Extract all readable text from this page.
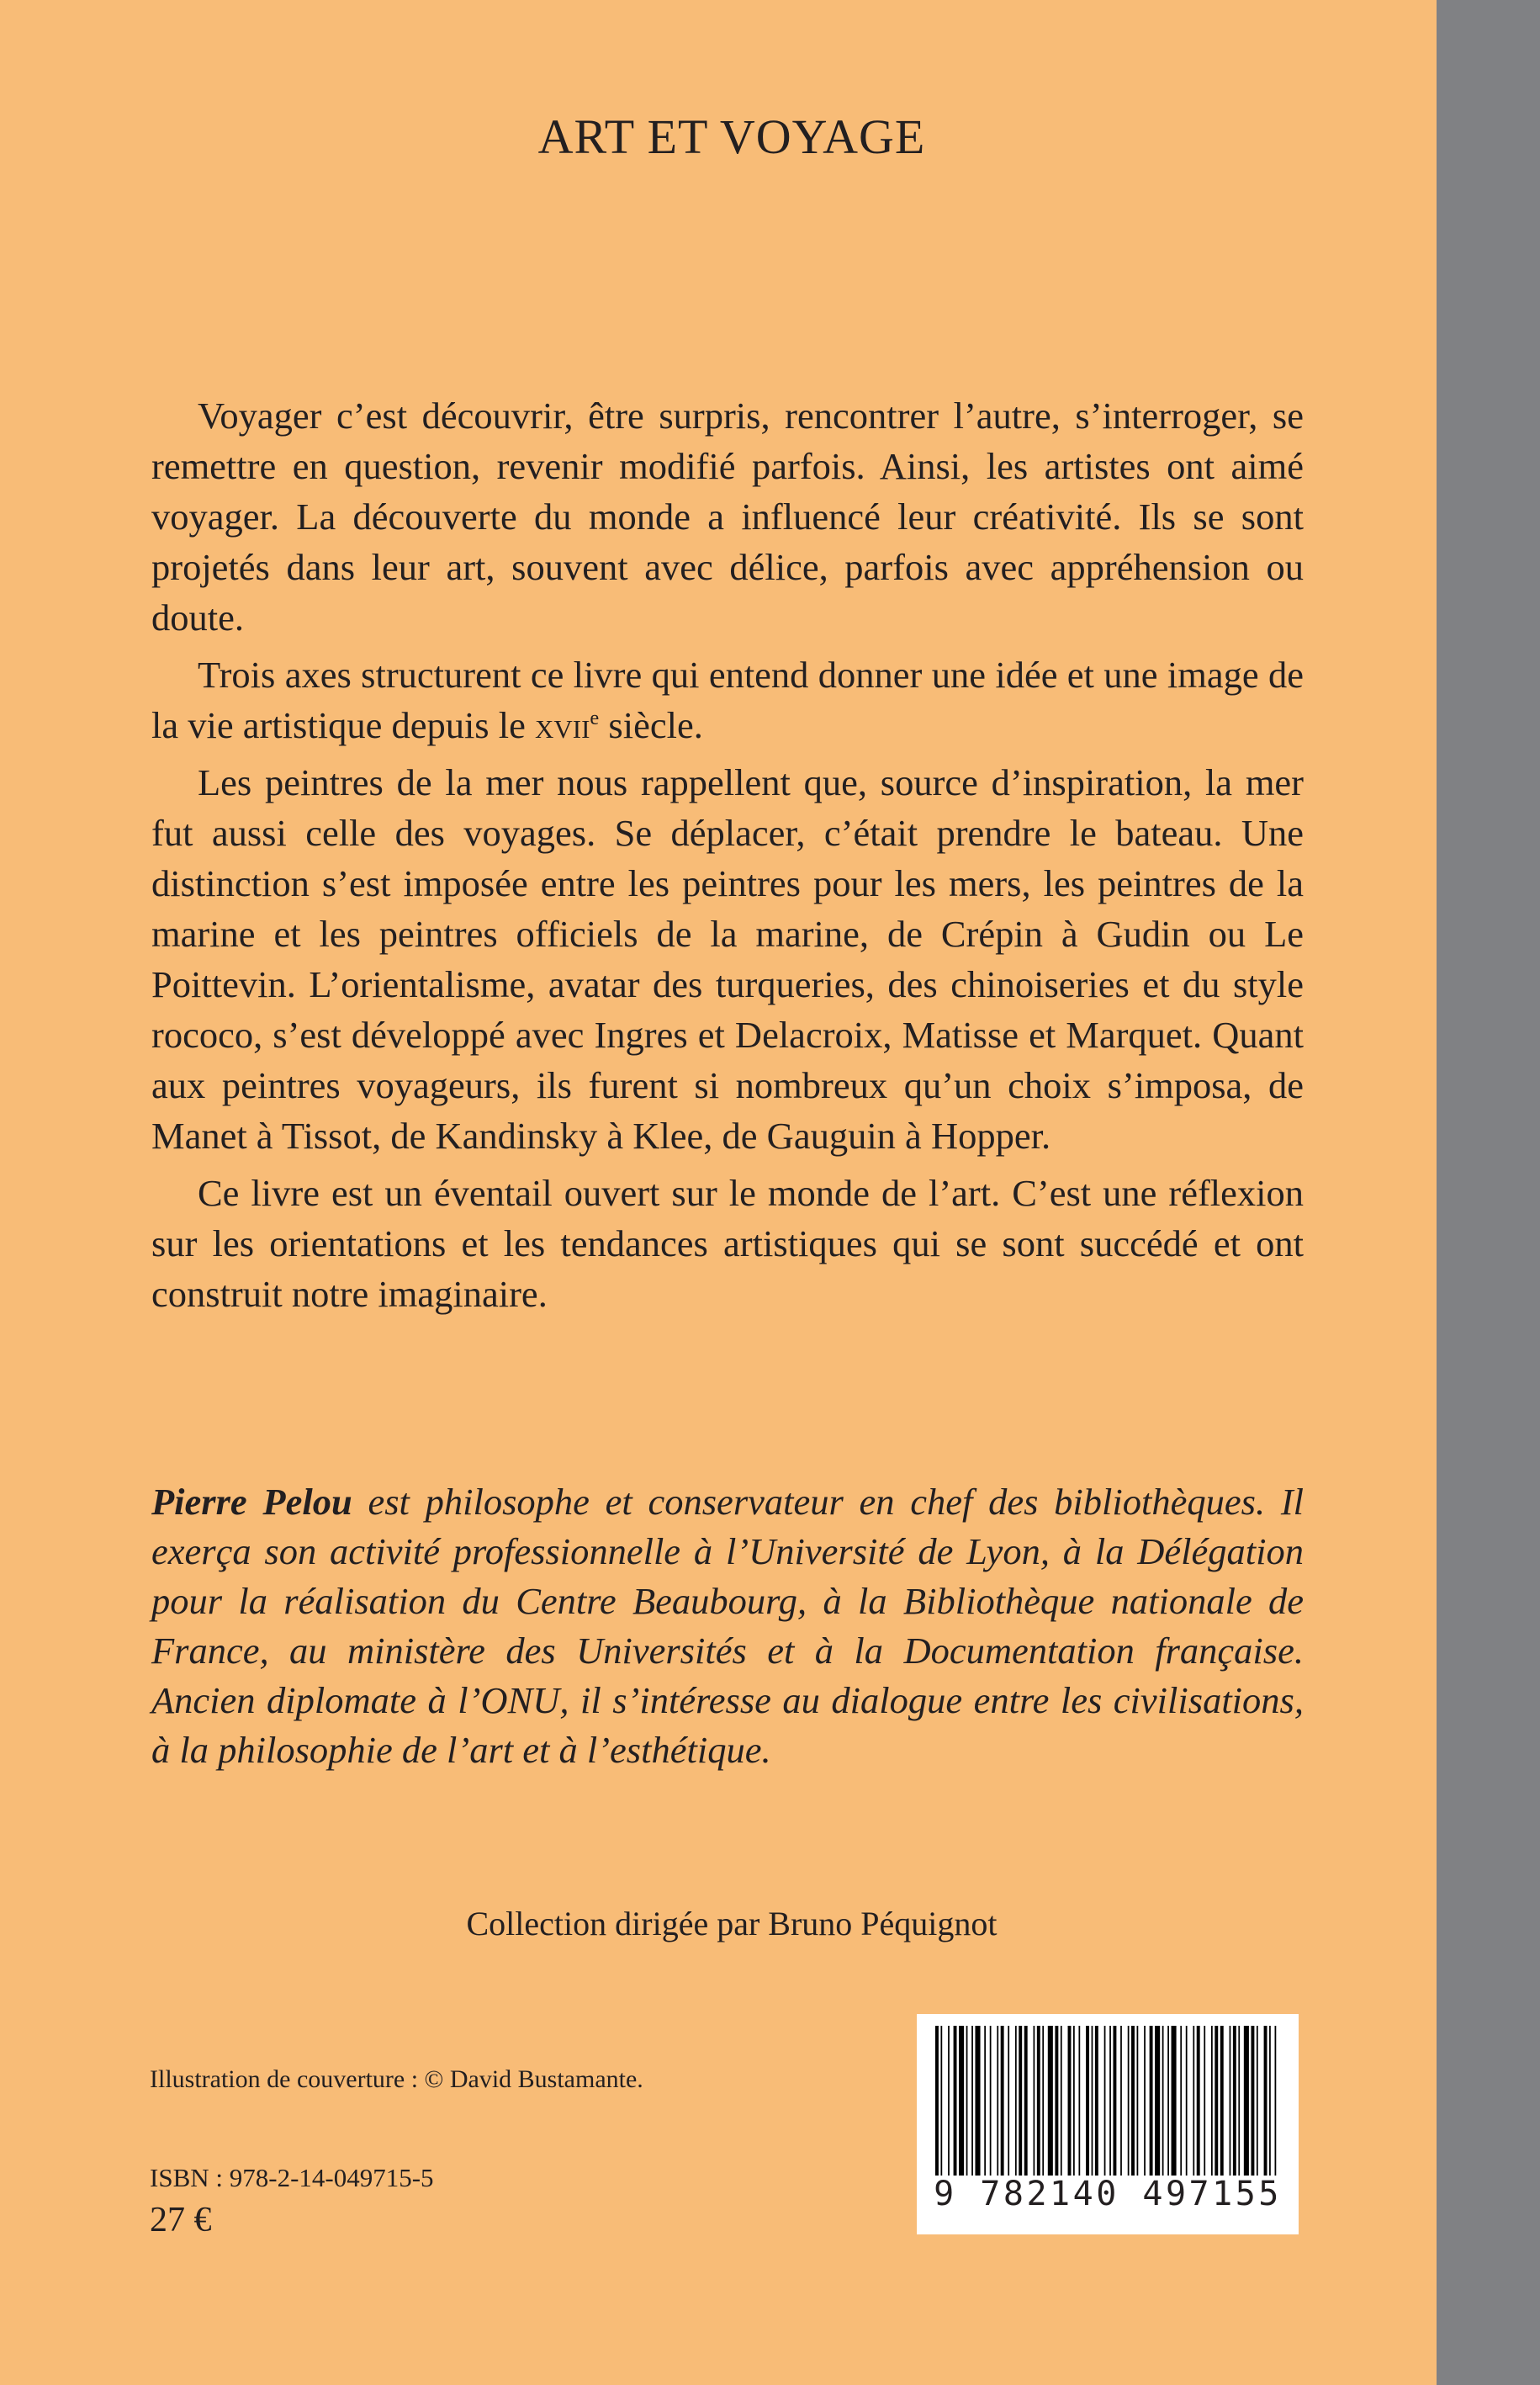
ART ET VOYAGE

Voyager c’est découvrir, être surpris, rencontrer l’autre, s’interroger, se remettre en question, revenir modifié parfois. Ainsi, les artistes ont aimé voyager. La découverte du monde a influencé leur créativité. Ils se sont projetés dans leur art, souvent avec délice, parfois avec appréhension ou doute.

Trois axes structurent ce livre qui entend donner une idée et une image de la vie artistique depuis le xvii$^e$ siècle.

Les peintres de la mer nous rappellent que, source d’inspiration, la mer fut aussi celle des voyages. Se déplacer, c’était prendre le bateau. Une distinction s’est imposée entre les peintres pour les mers, les peintres de la marine et les peintres officiels de la marine, de Crépin à Gudin ou Le Poittevin. L’orientalisme, avatar des turqueries, des chinoiseries et du style rococo, s’est développé avec Ingres et Delacroix, Matisse et Marquet. Quant aux peintres voyageurs, ils furent si nombreux qu’un choix s’imposa, de Manet à Tissot, de Kandinsky à Klee, de Gauguin à Hopper.

Ce livre est un éventail ouvert sur le monde de l’art. C’est une réflexion sur les orientations et les tendances artistiques qui se sont succédé et ont construit notre imaginaire.

Pierre Pelou est philosophe et conservateur en chef des bibliothèques. Il exerça son activité professionnelle à l’Université de Lyon, à la Délégation pour la réalisation du Centre Beaubourg, à la Bibliothèque nationale de France, au ministère des Universités et à la Documentation française. Ancien diplomate à l’ONU, il s’intéresse au dialogue entre les civilisations, à la philosophie de l’art et à l’esthétique.

Collection dirigée par Bruno Péquignot
Illustration de couverture : © David Bustamante.
ISBN : 978-2-14-049715-5
27 €
9 782140 497155
